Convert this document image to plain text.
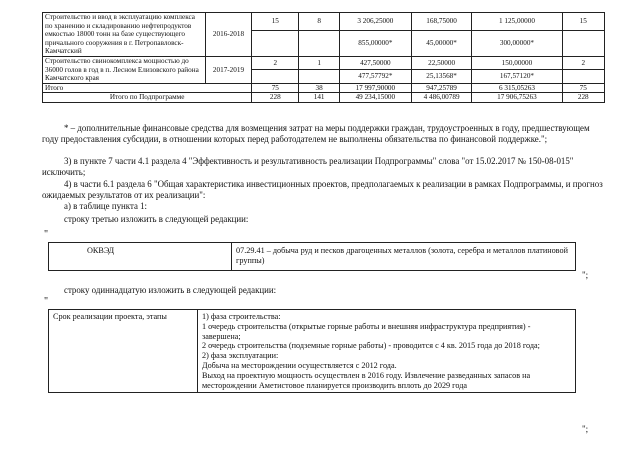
Строительство и ввод в эксплуатацию комплекса по хранению и складированию нефтепродуктов емкостью 18000 тонн на базе существующего причального сооружения в г. Петропавловск-Камчатский	2016-2018	15	8	3 206,25000	168,75000	1 125,00000	15
				855,00000*	45,00000*	300,00000*	
Строительство свинокомплекса мощностью до 36000 голов в год в п. Лесном Елизовского района Камчатского края	2017-2019	2	1	427,50000	22,50000	150,00000	2
				477,57792*	25,13568*	167,57120*	
Итого		75	38	17 997,90000	947,25789	6 315,05263	75
Итого по Подпрограмме		228	141	49 234,15000	4 486,00789	17 906,75263	228
* – дополнительные финансовые средства для возмещения затрат на меры поддержки граждан, трудоустроенных в году, предшествующем году предоставления субсидии, в отношении которых перед работодателем не выполнены обязательства по финансовой поддержке.";
3) в пункте 7 части 4.1 раздела 4 "Эффективность и результативность реализации Подпрограммы" слова "от 15.02.2017 № 150-08-015" исключить;
4) в части 6.1 раздела 6 "Общая характеристика инвестиционных проектов, предполагаемых к реализации в рамках Подпрограммы, и прогноз ожидаемых результатов от их реализации":
а) в таблице пункта 1:
строку третью изложить в следующей редакции:
"
ОКВЭД	07.29.41 – добыча руд и песков драгоценных металлов (золота, серебра и металлов платиновой группы)
";
строку одиннадцатую изложить в следующей редакции:
"
Срок реализации проекта, этапы	1) фаза строительства:
1 очередь строительства (открытые горные работы и внешняя инфраструктура предприятия) - завершена;
2 очередь строительства (подземные горные работы) - проводится с 4 кв. 2015 года до 2018 года;
2) фаза эксплуатации:
Добыча на месторождении осуществляется с 2012 года.
Выход на проектную мощность осуществлен в 2016 году. Извлечение разведанных запасов на месторождении Аметистовое планируется производить вплоть до 2029 года
";
